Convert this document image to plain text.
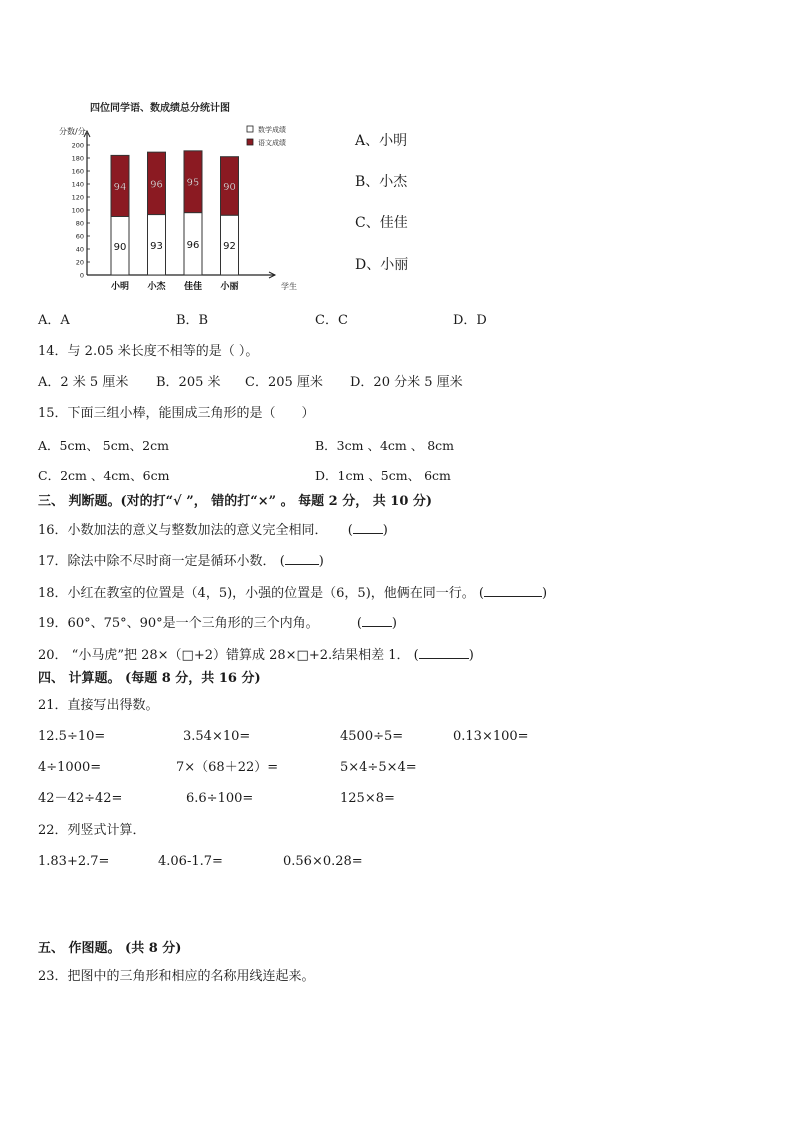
四位同学语、数成绩总分统计图
分数/分
学生
200
180
160
140
120
100
80
60
40
20
0
90
94
小明
93
96
小杰
96
95
佳佳
92
90
小丽
数学成绩
语文成绩	A、小明
B、小杰
C、佳佳
D、小丽
A．A	B．B	C．C	D．D
14．与 2.05 米长度不相等的是（ ）。
A．2 米 5 厘米 B．205 米 C．205 厘米 D．20 分米 5 厘米
15．下面三组小棒，能围成三角形的是（　　）
A．5cm、 5cm、2cm	B．3cm 、4cm 、 8cm
C．2cm 、4cm、6cm	D．1cm 、5cm、 6cm
三、 判断题。(对的打“√ ”， 错的打“×” 。 每题 2 分， 共 10 分)
16．小数加法的意义与整数加法的意义完全相同． ( )
17．除法中除不尽时商一定是循环小数． (	)
18．小红在教室的位置是（4，5)，小强的位置是（6，5)，他俩在同一行。 (	)
19．60°、75°、90°是一个三角形的三个内角。	( )
20． “小马虎”把 28×（□+2）错算成 28×□+2.结果相差 1． (	)
四、 计算题。 (每题 8 分，共 16 分)
21．直接写出得数。
12.5÷10=	3.54×10=	4500÷5=	0.13×100=
4÷1000=	7×（68＋22）=	5×4÷5×4=
42－42÷42=	6.6÷100=	125×8=
22．列竖式计算．
1.83+2.7=	4.06-1.7=	0.56×0.28=
五、 作图题。 (共 8 分)
23．把图中的三角形和相应的名称用线连起来。
